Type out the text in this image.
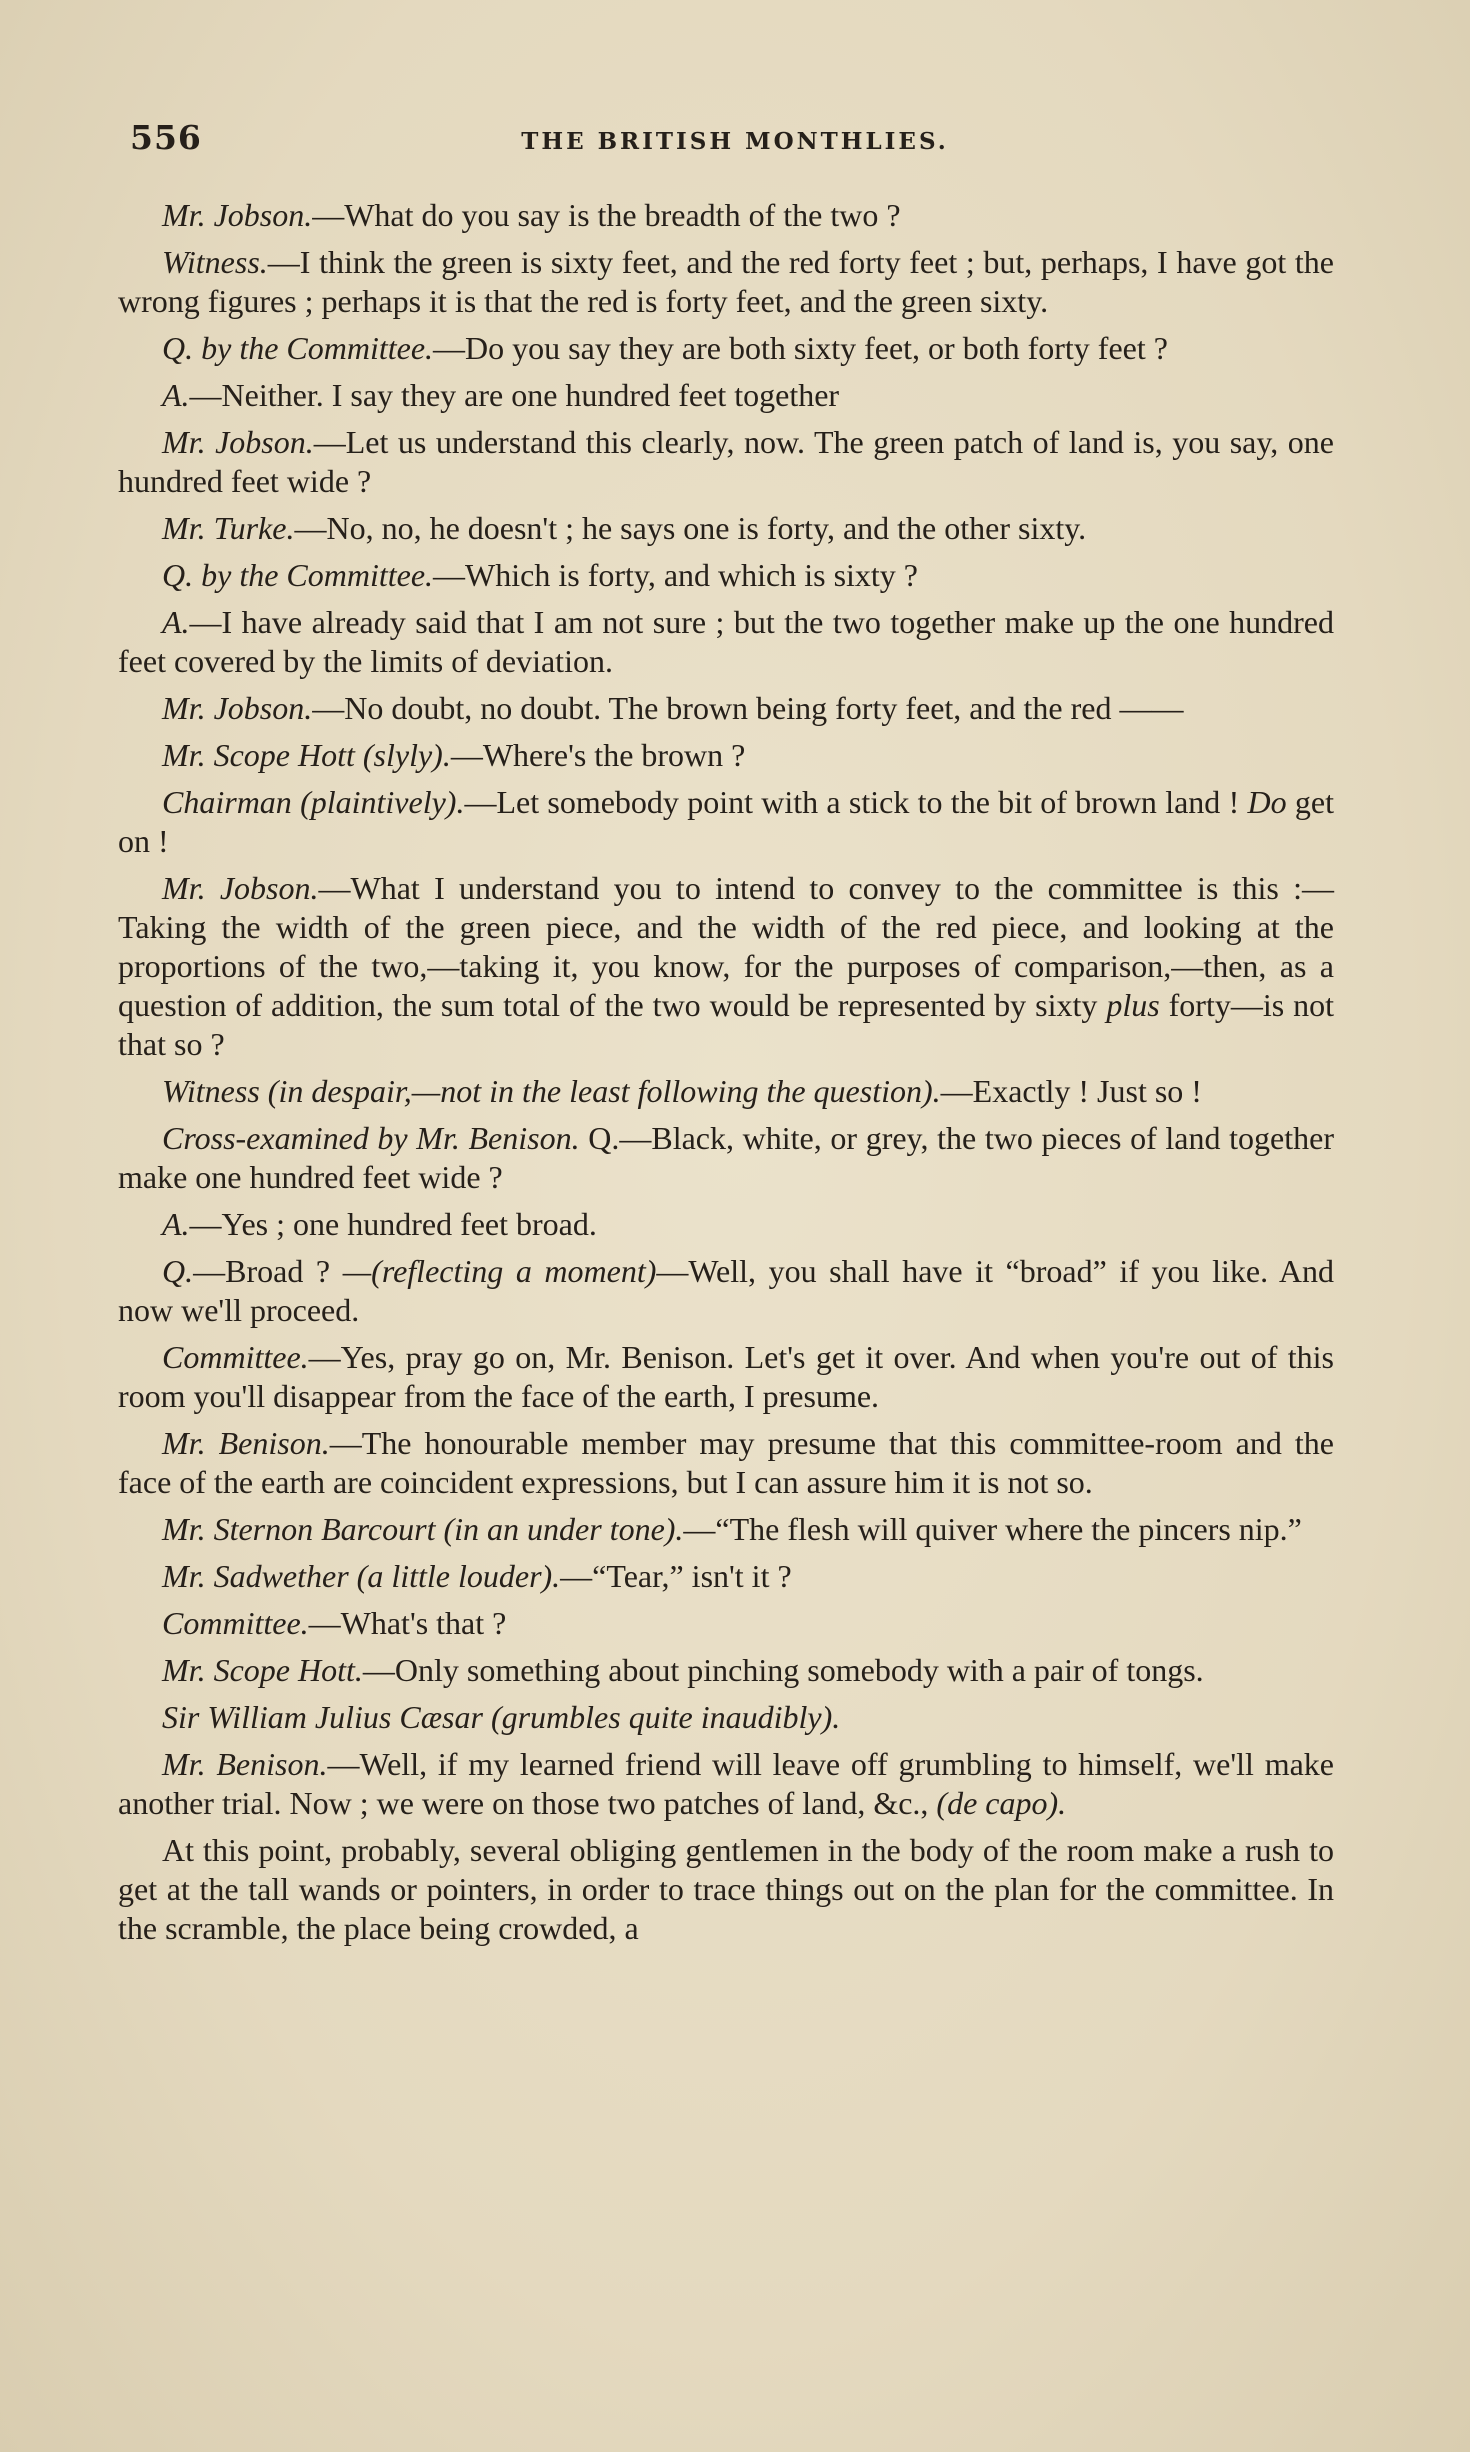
556	THE BRITISH MONTHLIES.

Mr. Jobson.—What do you say is the breadth of the two ?

Witness.—I think the green is sixty feet, and the red forty feet ; but, perhaps, I have got the wrong figures ; perhaps it is that the red is forty feet, and the green sixty.

Q. by the Committee.—Do you say they are both sixty feet, or both forty feet ?

A.—Neither. I say they are one hundred feet together

Mr. Jobson.—Let us understand this clearly, now. The green patch of land is, you say, one hundred feet wide ?

Mr. Turke.—No, no, he doesn't ; he says one is forty, and the other sixty.

Q. by the Committee.—Which is forty, and which is sixty ?

A.—I have already said that I am not sure ; but the two together make up the one hundred feet covered by the limits of deviation.

Mr. Jobson.—No doubt, no doubt. The brown being forty feet, and the red ——

Mr. Scope Hott (slyly).—Where's the brown ?

Chairman (plaintively).—Let somebody point with a stick to the bit of brown land ! Do get on !

Mr. Jobson.—What I understand you to intend to convey to the committee is this :—Taking the width of the green piece, and the width of the red piece, and looking at the proportions of the two,—taking it, you know, for the purposes of comparison,—then, as a question of addition, the sum total of the two would be represented by sixty plus forty—is not that so ?

Witness (in despair,—not in the least following the question).—Exactly ! Just so !

Cross-examined by Mr. Benison. Q.—Black, white, or grey, the two pieces of land together make one hundred feet wide ?

A.—Yes ; one hundred feet broad.

Q.—Broad ? —(reflecting a moment)—Well, you shall have it “broad” if you like. And now we'll proceed.

Committee.—Yes, pray go on, Mr. Benison. Let's get it over. And when you're out of this room you'll disappear from the face of the earth, I presume.

Mr. Benison.—The honourable member may presume that this committee-room and the face of the earth are coincident expressions, but I can assure him it is not so.

Mr. Sternon Barcourt (in an under tone).—“The flesh will quiver where the pincers nip.”

Mr. Sadwether (a little louder).—“Tear,” isn't it ?

Committee.—What's that ?

Mr. Scope Hott.—Only something about pinching somebody with a pair of tongs.

Sir William Julius Cæsar (grumbles quite inaudibly).

Mr. Benison.—Well, if my learned friend will leave off grumbling to himself, we'll make another trial. Now ; we were on those two patches of land, &c., (de capo).

At this point, probably, several obliging gentlemen in the body of the room make a rush to get at the tall wands or pointers, in order to trace things out on the plan for the committee. In the scramble, the place being crowded, a
